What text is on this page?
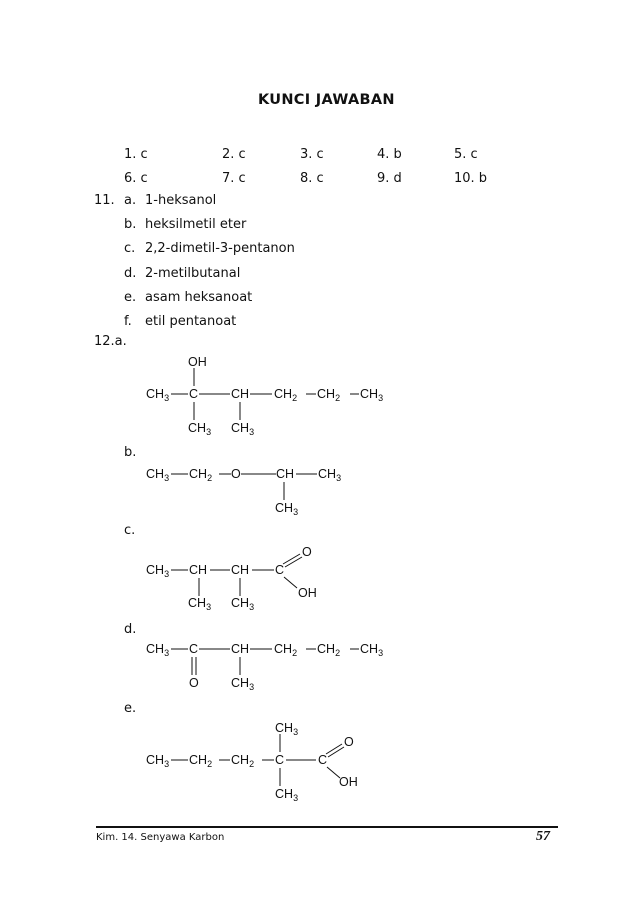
KUNCI JAWABAN
1. c	2. c	3. c	4. b	5. c
6. c	7. c	8. c	9. d	10. b
11. a. 1-heksanol
b. heksilmetil eter
c. 2,2-dimetil-3-pentanon
d. 2-metilbutanal
e. asam heksanoat
f. etil pentanoat
12.a.
b.
c.
d.
e.
OH
$CH_3$ C	CH $CH_2$ $CH_2$ $CH_3$
$CH_3$ $CH_3$
$CH_3$ $CH_2$ O	CH $CH_3$
$CH_3$
O
$CH_3$ CH CH C
OH
$CH_3$ $CH_3$
$CH_3$ C	CH $CH_2$ $CH_2$ $CH_3$
O	$CH_3$
$CH_3$
O
$CH_3$ $CH_2$ $CH_2$ C	C
OH
$CH_3$
Kim. 14. Senyawa Karbon	57
